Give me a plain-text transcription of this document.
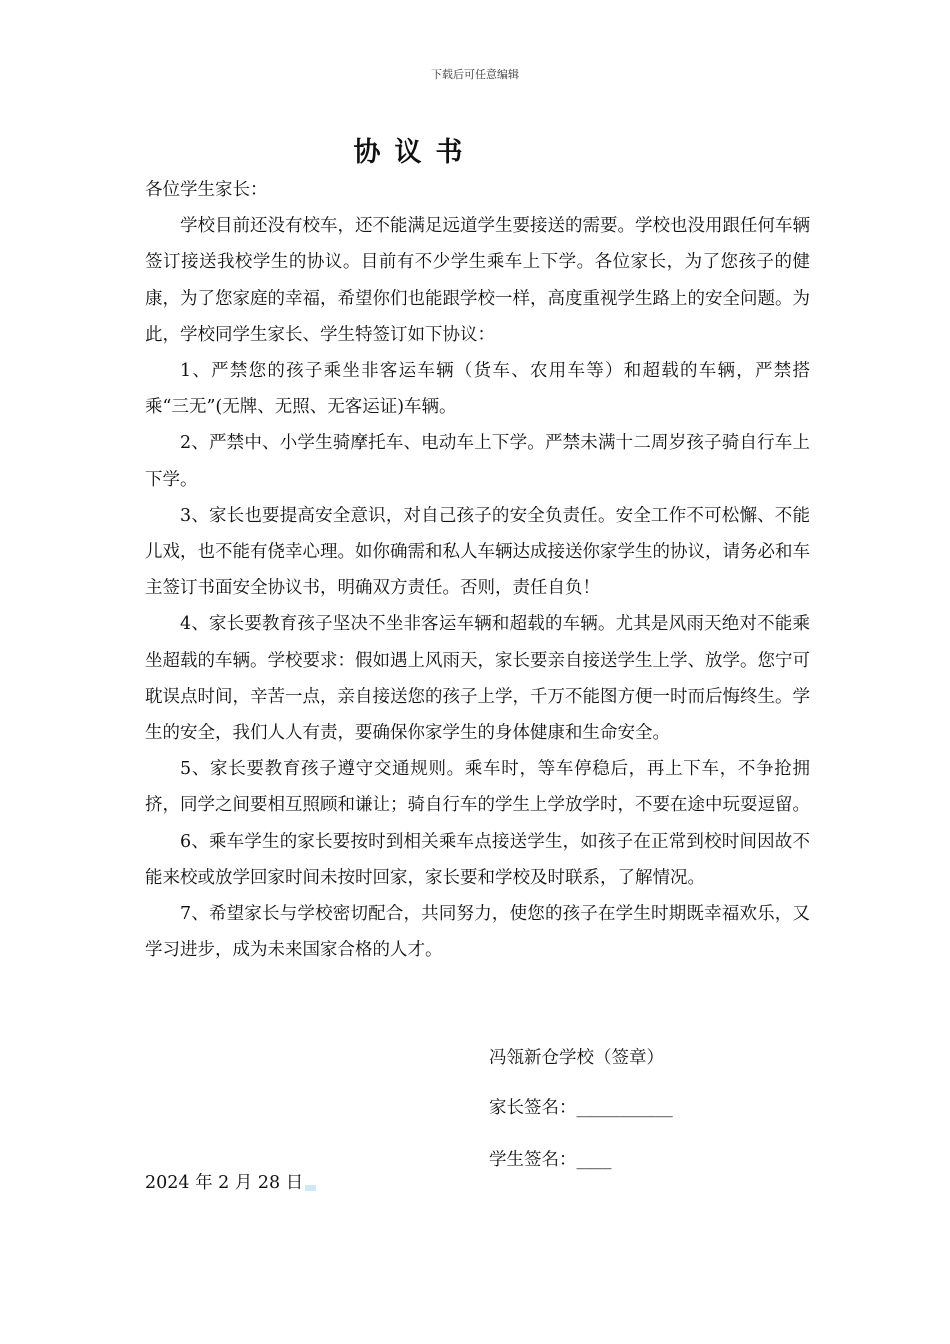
下载后可任意编辑
协议书

各位学生家长：

学校目前还没有校车，还不能满足远道学生要接送的需要。学校也没用跟任何车辆签订接送我校学生的协议。目前有不少学生乘车上下学。各位家长，为了您孩子的健康，为了您家庭的幸福，希望你们也能跟学校一样，高度重视学生路上的安全问题。为此，学校同学生家长、学生特签订如下协议：

1、严禁您的孩子乘坐非客运车辆（货车、农用车等）和超载的车辆，严禁搭乘“三无”(无牌、无照、无客运证)车辆。

2、严禁中、小学生骑摩托车、电动车上下学。严禁未满十二周岁孩子骑自行车上下学。

3、家长也要提高安全意识，对自己孩子的安全负责任。安全工作不可松懈、不能儿戏，也不能有侥幸心理。如你确需和私人车辆达成接送你家学生的协议，请务必和车主签订书面安全协议书，明确双方责任。否则，责任自负！

4、家长要教育孩子坚决不坐非客运车辆和超载的车辆。尤其是风雨天绝对不能乘坐超载的车辆。学校要求：假如遇上风雨天，家长要亲自接送学生上学、放学。您宁可耽误点时间，辛苦一点，亲自接送您的孩子上学，千万不能图方便一时而后悔终生。学生的安全，我们人人有责，要确保你家学生的身体健康和生命安全。

5、家长要教育孩子遵守交通规则。乘车时，等车停稳后，再上下车，不争抢拥挤，同学之间要相互照顾和谦让；骑自行车的学生上学放学时，不要在途中玩耍逗留。

6、乘车学生的家长要按时到相关乘车点接送学生，如孩子在正常到校时间因故不能来校或放学回家时间未按时回家，家长要和学校及时联系，了解情况。

7、希望家长与学校密切配合，共同努力，使您的孩子在学生时期既幸福欢乐，又学习进步，成为未来国家合格的人才。

冯瓴新仓学校（签章）
家长签名：___________
学生签名：____
2024 年 2 月 28 日
